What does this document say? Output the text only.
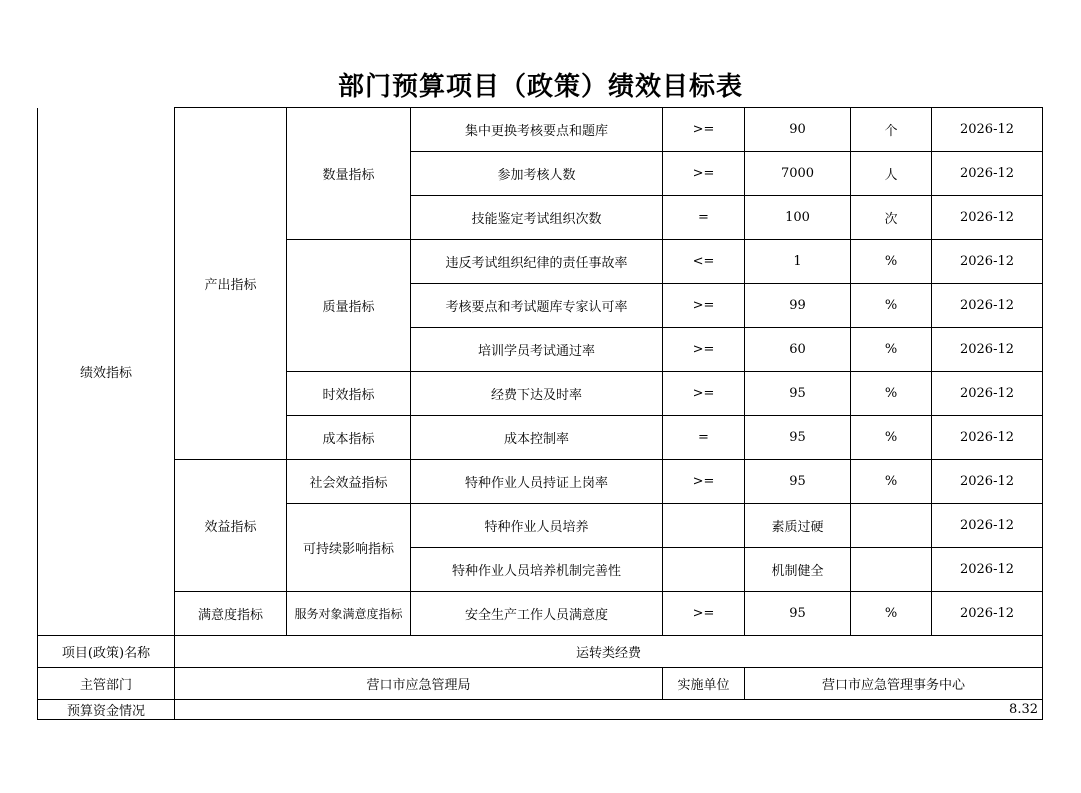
部门预算项目（政策）绩效目标表
绩效指标	产出指标	数量指标	集中更换考核要点和题库	>=	90	个	2026-12
			参加考核人数	>=	7000	人	2026-12
			技能鉴定考试组织次数	=	100	次	2026-12
		质量指标	违反考试组织纪律的责任事故率	<=	1	%	2026-12
			考核要点和考试题库专家认可率	>=	99	%	2026-12
			培训学员考试通过率	>=	60	%	2026-12
		时效指标	经费下达及时率	>=	95	%	2026-12
		成本指标	成本控制率	=	95	%	2026-12
	效益指标	社会效益指标	特种作业人员持证上岗率	>=	95	%	2026-12
		可持续影响指标	特种作业人员培养		素质过硬		2026-12
			特种作业人员培养机制完善性		机制健全		2026-12
	满意度指标	服务对象满意度指标	安全生产工作人员满意度	>=	95	%	2026-12
项目(政策)名称	运转类经费						
主管部门	营口市应急管理局			实施单位	营口市应急管理事务中心		
预算资金情况	8.32						
